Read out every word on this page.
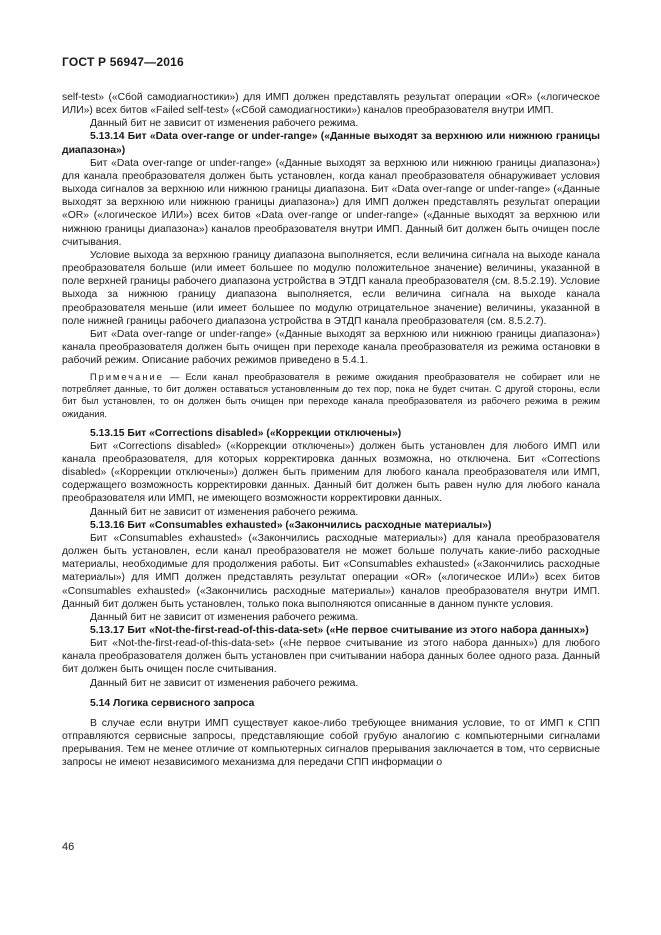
ГОСТ Р 56947—2016

self-test» («Сбой самодиагностики») для ИМП должен представлять результат операции «OR» («логическое ИЛИ») всех битов «Failed self-test» («Сбой самодиагностики») каналов преобразователя внутри ИМП.

Данный бит не зависит от изменения рабочего режима.

5.13.14 Бит «Data over-range or under-range» («Данные выходят за верхнюю или нижнюю границы диапазона»)

Бит «Data over-range or under-range» («Данные выходят за верхнюю или нижнюю границы диапазона») для канала преобразователя должен быть установлен, когда канал преобразователя обнаруживает условия выхода сигналов за верхнюю или нижнюю границы диапазона. Бит «Data over-range or under-range» («Данные выходят за верхнюю или нижнюю границы диапазона») для ИМП должен представлять результат операции «OR» («логическое ИЛИ») всех битов «Data over-range or under-range» («Данные выходят за верхнюю или нижнюю границы диапазона») каналов преобразователя внутри ИМП. Данный бит должен быть очищен после считывания.

Условие выхода за верхнюю границу диапазона выполняется, если величина сигнала на выходе канала преобразователя больше (или имеет большее по модулю положительное значение) величины, указанной в поле верхней границы рабочего диапазона устройства в ЭТДП канала преобразователя (см. 8.5.2.19). Условие выхода за нижнюю границу диапазона выполняется, если величина сигнала на выходе канала преобразователя меньше (или имеет большее по модулю отрицательное значение) величины, указанной в поле нижней границы рабочего диапазона устройства в ЭТДП канала преобразователя (см. 8.5.2.7).

Бит «Data over-range or under-range» («Данные выходят за верхнюю или нижнюю границы диапазона») канала преобразователя должен быть очищен при переходе канала преобразователя из режима остановки в рабочий режим. Описание рабочих режимов приведено в 5.4.1.

Примечание — Если канал преобразователя в режиме ожидания преобразователя не собирает или не потребляет данные, то бит должен оставаться установленным до тех пор, пока не будет считан. С другой стороны, если бит был установлен, то он должен быть очищен при переходе канала преобразователя из рабочего режима в режим ожидания.

5.13.15 Бит «Corrections disabled» («Коррекции отключены»)

Бит «Corrections disabled» («Коррекции отключены») должен быть установлен для любого ИМП или канала преобразователя, для которых корректировка данных возможна, но отключена. Бит «Corrections disabled» («Коррекции отключены») должен быть применим для любого канала преобразователя или ИМП, содержащего возможность корректировки данных. Данный бит должен быть равен нулю для любого канала преобразователя или ИМП, не имеющего возможности корректировки данных.

Данный бит не зависит от изменения рабочего режима.

5.13.16 Бит «Consumables exhausted» («Закончились расходные материалы»)

Бит «Consumables exhausted» («Закончились расходные материалы») для канала преобразователя должен быть установлен, если канал преобразователя не может больше получать какие-либо расходные материалы, необходимые для продолжения работы. Бит «Consumables exhausted» («Закончились расходные материалы») для ИМП должен представлять результат операции «OR» («логическое ИЛИ») всех битов «Consumables exhausted» («Закончились расходные материалы») каналов преобразователя внутри ИМП. Данный бит должен быть установлен, только пока выполняются описанные в данном пункте условия.

Данный бит не зависит от изменения рабочего режима.

5.13.17 Бит «Not-the-first-read-of-this-data-set» («Не первое считывание из этого набора данных»)

Бит «Not-the-first-read-of-this-data-set» («Не первое считывание из этого набора данных») для любого канала преобразователя должен быть установлен при считывании набора данных более одного раза. Данный бит должен быть очищен после считывания.

Данный бит не зависит от изменения рабочего режима.

5.14 Логика сервисного запроса

В случае если внутри ИМП существует какое-либо требующее внимания условие, то от ИМП к СПП отправляются сервисные запросы, представляющие собой грубую аналогию с компьютерными сигналами прерывания. Тем не менее отличие от компьютерных сигналов прерывания заключается в том, что сервисные запросы не имеют независимого механизма для передачи СПП информации о

46
